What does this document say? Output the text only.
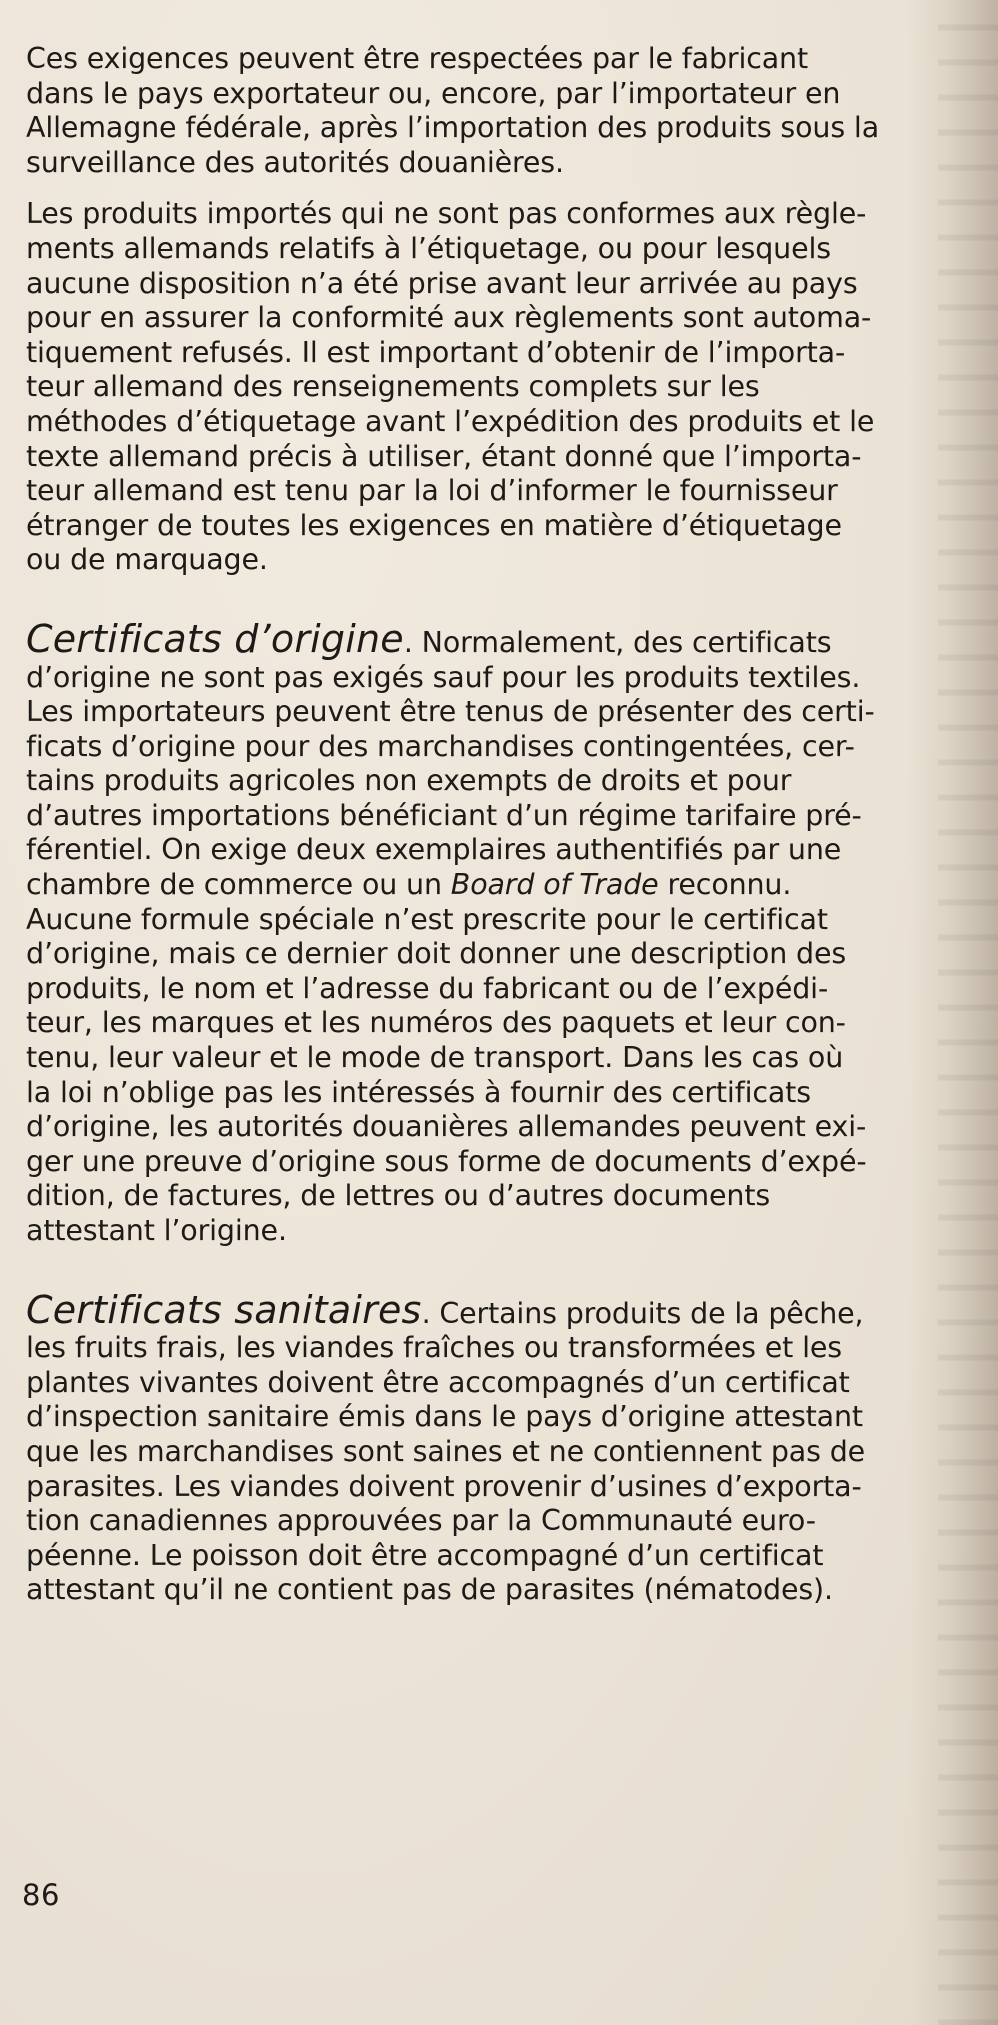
Ces exigences peuvent être respectées par le fabricant
dans le pays exportateur ou, encore, par l’importateur en
Allemagne fédérale, après l’importation des produits sous la
surveillance des autorités douanières.
Les produits importés qui ne sont pas conformes aux règle-
ments allemands relatifs à l’étiquetage, ou pour lesquels
aucune disposition n’a été prise avant leur arrivée au pays
pour en assurer la conformité aux règlements sont automa-
tiquement refusés. Il est important d’obtenir de l’importa-
teur allemand des renseignements complets sur les
méthodes d’étiquetage avant l’expédition des produits et le
texte allemand précis à utiliser, étant donné que l’importa-
teur allemand est tenu par la loi d’informer le fournisseur
étranger de toutes les exigences en matière d’étiquetage
ou de marquage.
Certificats d’origine. Normalement, des certificats
d’origine ne sont pas exigés sauf pour les produits textiles.
Les importateurs peuvent être tenus de présenter des certi-
ficats d’origine pour des marchandises contingentées, cer-
tains produits agricoles non exempts de droits et pour
d’autres importations bénéficiant d’un régime tarifaire pré-
férentiel. On exige deux exemplaires authentifiés par une
chambre de commerce ou un Board of Trade reconnu.
Aucune formule spéciale n’est prescrite pour le certificat
d’origine, mais ce dernier doit donner une description des
produits, le nom et l’adresse du fabricant ou de l’expédi-
teur, les marques et les numéros des paquets et leur con-
tenu, leur valeur et le mode de transport. Dans les cas où
la loi n’oblige pas les intéressés à fournir des certificats
d’origine, les autorités douanières allemandes peuvent exi-
ger une preuve d’origine sous forme de documents d’expé-
dition, de factures, de lettres ou d’autres documents
attestant l’origine.
Certificats sanitaires. Certains produits de la pêche,
les fruits frais, les viandes fraîches ou transformées et les
plantes vivantes doivent être accompagnés d’un certificat
d’inspection sanitaire émis dans le pays d’origine attestant
que les marchandises sont saines et ne contiennent pas de
parasites. Les viandes doivent provenir d’usines d’exporta-
tion canadiennes approuvées par la Communauté euro-
péenne. Le poisson doit être accompagné d’un certificat
attestant qu’il ne contient pas de parasites (nématodes).
86
